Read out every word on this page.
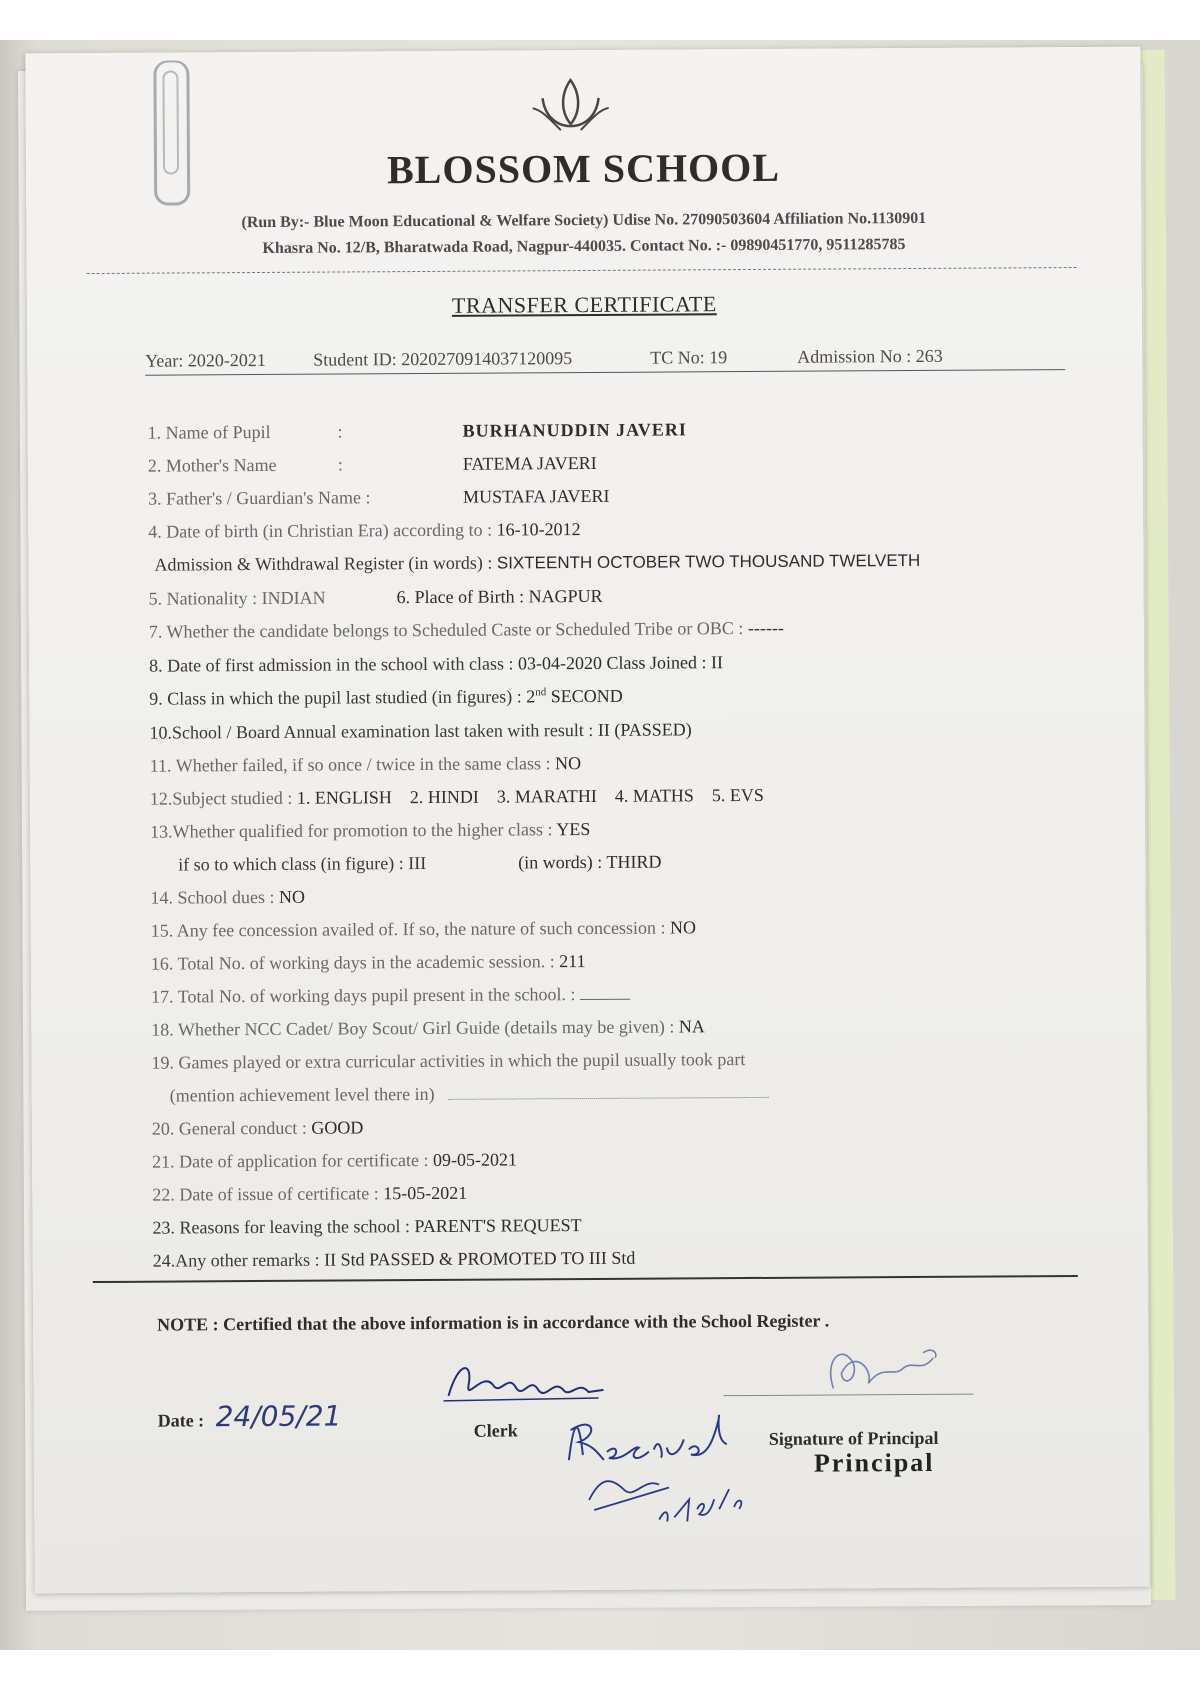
BLOSSOM SCHOOL
(Run By:- Blue Moon Educational & Welfare Society) Udise No. 27090503604 Affiliation No.1130901
Khasra No. 12/B, Bharatwada Road, Nagpur-440035. Contact No. :- 09890451770, 9511285785
TRANSFER CERTIFICATE
Year: 2020-2021	Student ID: 2020270914037120095	TC No: 19	Admission No : 263
1. Name of Pupil	:	BURHANUDDIN JAVERI
2. Mother's Name	:	FATEMA JAVERI
3. Father's / Guardian's Name :	MUSTAFA JAVERI
4. Date of birth (in Christian Era) according to : 16-10-2012
Admission & Withdrawal Register (in words) : SIXTEENTH OCTOBER TWO THOUSAND TWELVETH
5. Nationality : INDIAN	6. Place of Birth : NAGPUR
7. Whether the candidate belongs to Scheduled Caste or Scheduled Tribe or OBC : ------
8. Date of first admission in the school with class : 03-04-2020 Class Joined : II
9. Class in which the pupil last studied (in figures) : 2nd SECOND
10.School / Board Annual examination last taken with result : II (PASSED)
11. Whether failed, if so once / twice in the same class : NO
12.Subject studied : 1. ENGLISH    2. HINDI    3. MARATHI    4. MATHS    5. EVS
13.Whether qualified for promotion to the higher class : YES
if so to which class (in figure) : III	(in words) : THIRD
14. School dues : NO
15. Any fee concession availed of. If so, the nature of such concession : NO
16. Total No. of working days in the academic session. : 211
17. Total No. of working days pupil present in the school. :
18. Whether NCC Cadet/ Boy Scout/ Girl Guide (details may be given) : NA
19. Games played or extra curricular activities in which the pupil usually took part
(mention achievement level there in)
20. General conduct : GOOD
21. Date of application for certificate : 09-05-2021
22. Date of issue of certificate : 15-05-2021
23. Reasons for leaving the school : PARENT'S REQUEST
24.Any other remarks : II Std PASSED & PROMOTED TO III Std
NOTE : Certified that the above information is in accordance with the School Register .
Date : 24/05/21	Clerk	Signature of Principal
Principal
